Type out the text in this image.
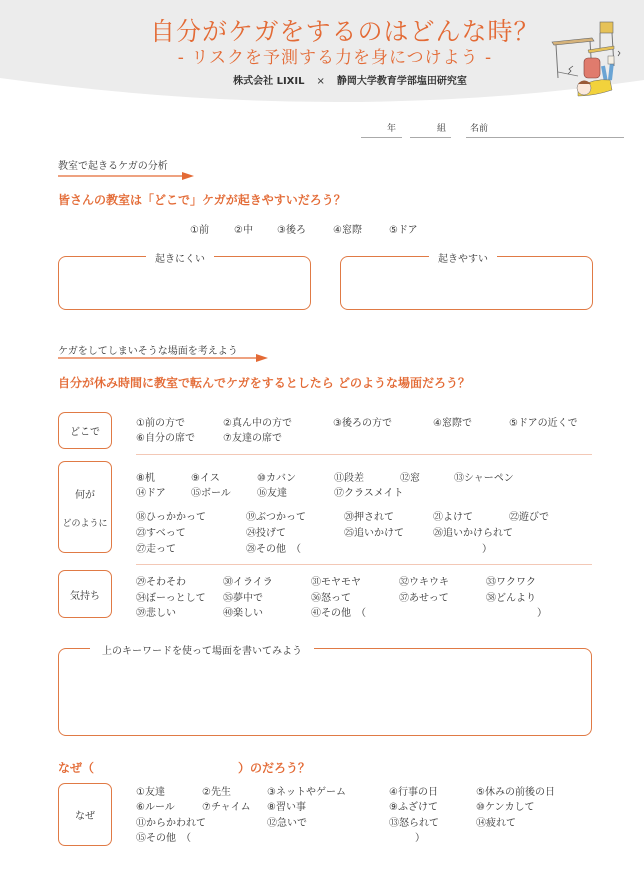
自分がケガをするのはどんな時？
- リスクを予測する力を身につけよう -
株式会社 LIXIL × 静岡大学教育学部塩田研究室
年	組	名前
教室で起きるケガの分析
皆さんの教室は「どこで」ケガが起きやすいだろう？
①前	②中	③後ろ	④窓際	⑤ドア
起きにくい	起きやすい
ケガをしてしまいそうな場面を考えよう
自分が休み時間に教室で転んでケガをするとしたら どのような場面だろう？
どこで
①前の方で	②真ん中の方で	③後ろの方で	④窓際で	⑤ドアの近くで
⑥自分の席で	⑦友達の席で
何が
どのように
⑧机	⑨イス	⑩カバン	⑪段差	⑫窓	⑬シャーペン
⑭ドア	⑮ボール	⑯友達	⑰クラスメイト
⑱ひっかかって	⑲ぶつかって	⑳押されて	㉑よけて	㉒遊びで
㉓すべって	㉔投げて	㉕追いかけて	㉖追いかけられて
㉗走って	㉘その他　（	）
気持ち
㉙そわそわ	㉚イライラ	㉛モヤモヤ	㉜ウキウキ	㉝ワクワク
㉞ぼーっとして ㉟夢中で	㊱怒って	㊲あせって	㊳どんより
㊴悲しい	㊵楽しい	㊶その他　（	）
上のキーワードを使って場面を書いてみよう
なぜ（	）のだろう？
なぜ
①友達	②先生	③ネットやゲーム	④行事の日	⑤休みの前後の日
⑥ルール	⑦チャイム ⑧習い事	⑨ふざけて	⑩ケンカして
⑪からかわれて	⑫急いで	⑬怒られて	⑭疲れて
⑮その他　（	）
